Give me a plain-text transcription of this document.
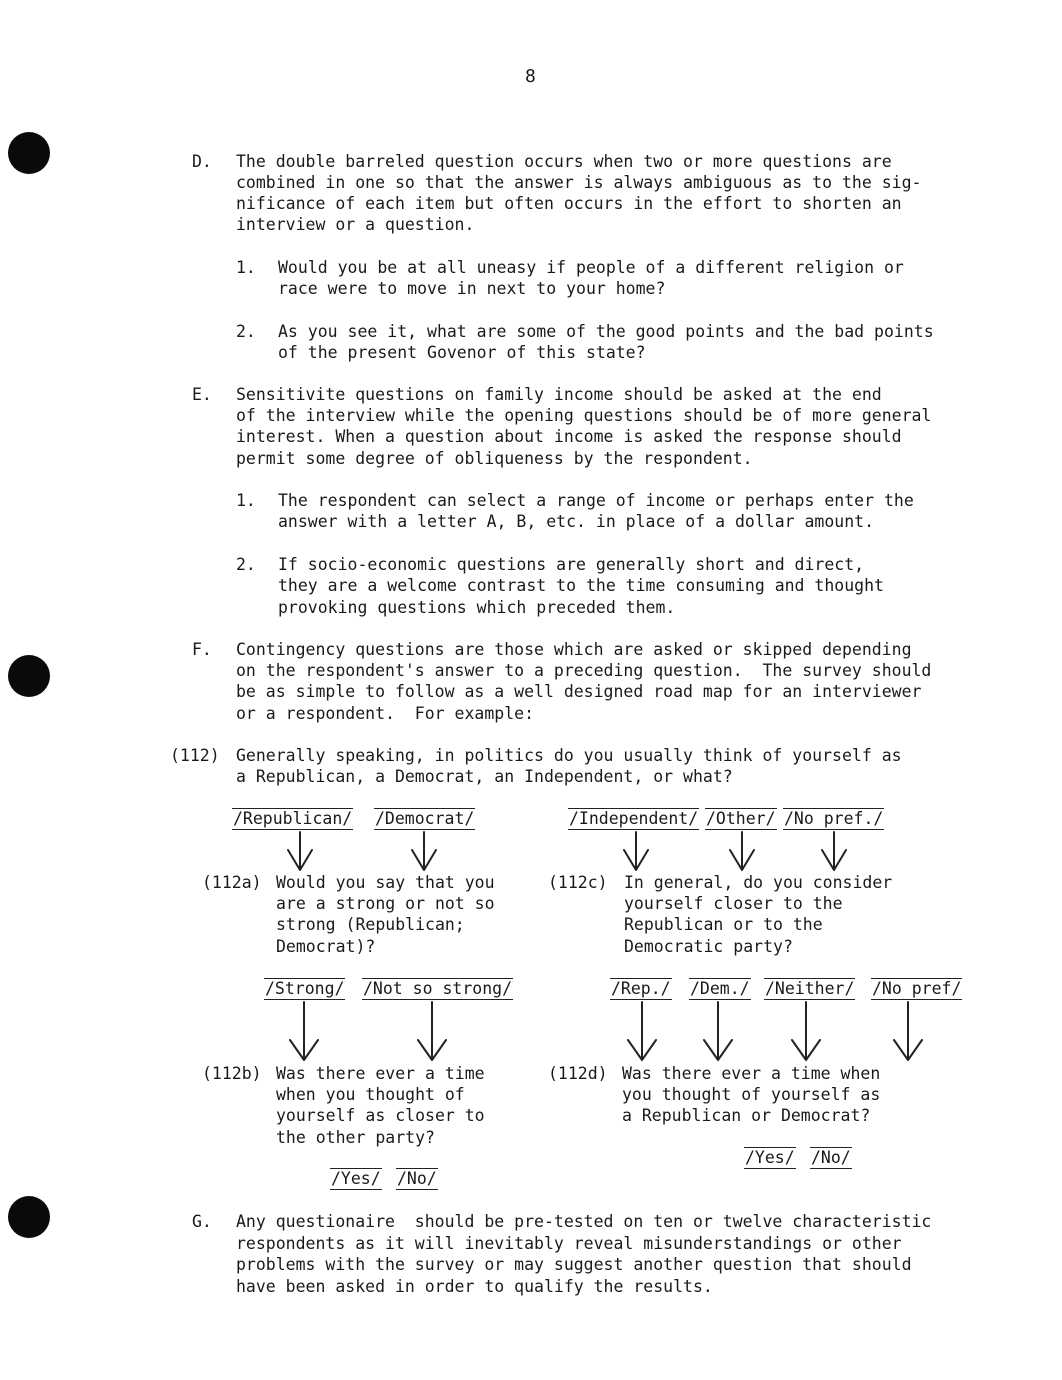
8
D. The double barreled question occurs when two or more questions are
combined in one so that the answer is always ambiguous as to the sig-
nificance of each item but often occurs in the effort to shorten an
interview or a question.
1. Would you be at all uneasy if people of a different religion or
race were to move in next to your home?
2. As you see it, what are some of the good points and the bad points
of the present Govenor of this state?
E. Sensitivite questions on family income should be asked at the end
of the interview while the opening questions should be of more general
interest. When a question about income is asked the response should
permit some degree of obliqueness by the respondent.
1. The respondent can select a range of income or perhaps enter the
answer with a letter A, B, etc. in place of a dollar amount.
2. If socio-economic questions are generally short and direct,
they are a welcome contrast to the time consuming and thought
provoking questions which preceded them.
F. Contingency questions are those which are asked or skipped depending
on the respondent's answer to a preceding question.  The survey should
be as simple to follow as a well designed road map for an interviewer
or a respondent.  For example:
(112) Generally speaking, in politics do you usually think of yourself as
a Republican, a Democrat, an Independent, or what?
/Republican/ /Democrat/	/Independent/ /Other/ /No pref./
(112a) Would you say that you
are a strong or not so
strong (Republican;
Democrat)?
/Strong/ /Not so strong/
(112b) Was there ever a time
when you thought of
yourself as closer to
the other party?
/Yes/ /No/
(112c) In general, do you consider
yourself closer to the
Republican or to the
Democratic party?
/Rep./ /Dem./ /Neither/ /No pref/
(112d) Was there ever a time when
you thought of yourself as
a Republican or Democrat?
/Yes/ /No/
G. Any questionaire  should be pre-tested on ten or twelve characteristic
respondents as it will inevitably reveal misunderstandings or other
problems with the survey or may suggest another question that should
have been asked in order to qualify the results.
